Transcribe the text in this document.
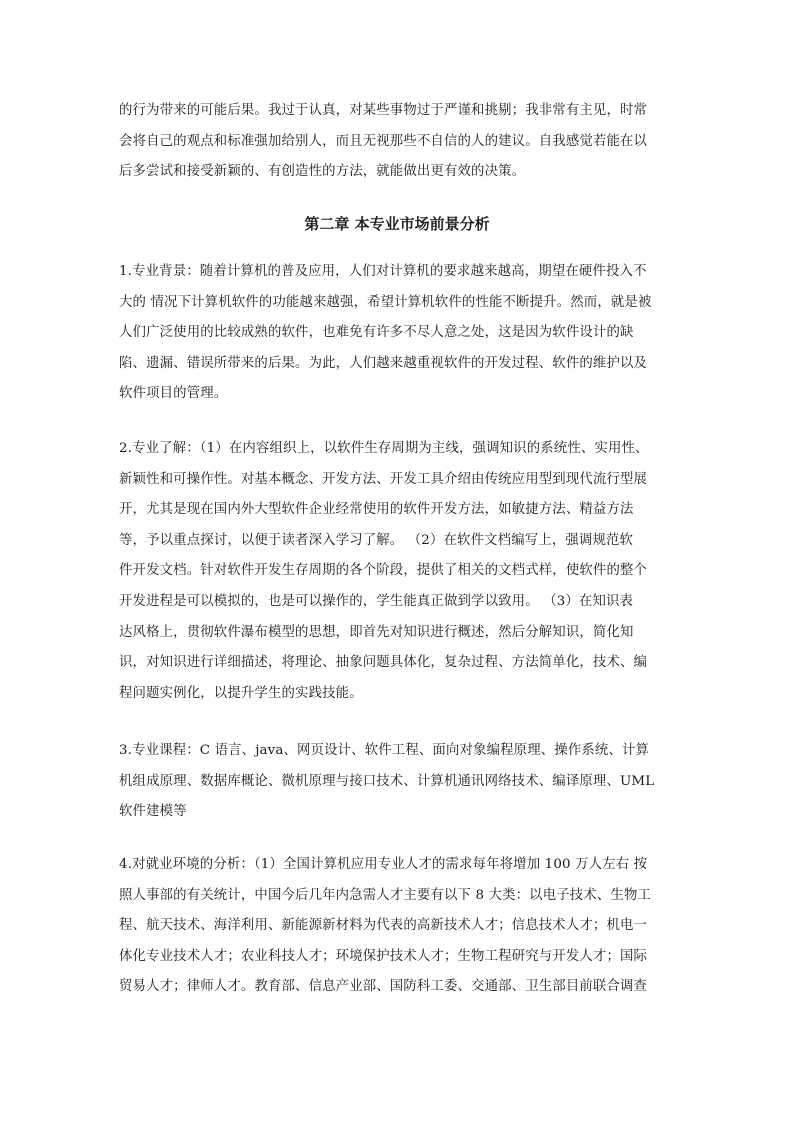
的行为带来的可能后果。我过于认真，对某些事物过于严谨和挑剔；我非常有主见，时常
会将自己的观点和标准强加给别人，而且无视那些不自信的人的建议。自我感觉若能在以
后多尝试和接受新颖的、有创造性的方法，就能做出更有效的决策。
第二章 本专业市场前景分析
1.专业背景：随着计算机的普及应用，人们对计算机的要求越来越高，期望在硬件投入不
大的 情况下计算机软件的功能越来越强，希望计算机软件的性能不断提升。然而，就是被
人们广泛使用的比较成熟的软件，也难免有许多不尽人意之处，这是因为软件设计的缺
陷、遗漏、错误所带来的后果。为此，人们越来越重视软件的开发过程、软件的维护以及
软件项目的管理。
2.专业了解：（1）在内容组织上，以软件生存周期为主线，强调知识的系统性、实用性、
新颖性和可操作性。对基本概念、开发方法、开发工具介绍由传统应用型到现代流行型展
开，尤其是现在国内外大型软件企业经常使用的软件开发方法，如敏捷方法、精益方法
等，予以重点探讨，以便于读者深入学习了解。 （2）在软件文档编写上，强调规范软
件开发文档。针对软件开发生存周期的各个阶段，提供了相关的文档式样，使软件的整个
开发进程是可以模拟的，也是可以操作的，学生能真正做到学以致用。 （3）在知识表
达风格上，贯彻软件瀑布模型的思想，即首先对知识进行概述，然后分解知识，简化知
识，对知识进行详细描述，将理论、抽象问题具体化，复杂过程、方法简单化，技术、编
程问题实例化，以提升学生的实践技能。
3.专业课程：C 语言、java、网页设计、软件工程、面向对象编程原理、操作系统、计算
机组成原理、数据库概论、微机原理与接口技术、计算机通讯网络技术、编译原理、UML
软件建模等
4.对就业环境的分析：（1）全国计算机应用专业人才的需求每年将增加 100 万人左右 按
照人事部的有关统计，中国今后几年内急需人才主要有以下 8 大类：以电子技术、生物工
程、航天技术、海洋利用、新能源新材料为代表的高新技术人才；信息技术人才；机电一
体化专业技术人才；农业科技人才；环境保护技术人才；生物工程研究与开发人才；国际
贸易人才；律师人才。教育部、信息产业部、国防科工委、交通部、卫生部目前联合调查
